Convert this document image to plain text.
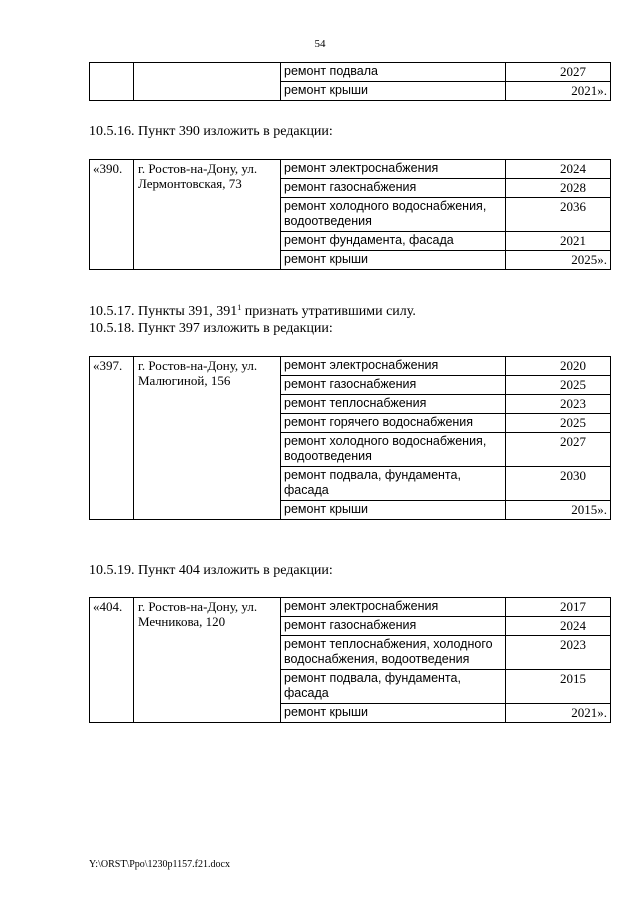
54
		ремонт подвала	2027
		ремонт крыши	2021».
10.5.16. Пункт 390 изложить в редакции:
«390.	г. Ростов-на-Дону, ул. Лермонтовская, 73	ремонт электроснабжения	2024
		ремонт газоснабжения	2028
		ремонт холодного водоснабжения, водоотведения	2036
		ремонт фундамента, фасада	2021
		ремонт крыши	2025».
10.5.17. Пункты 391, $391^1$ признать утратившими силу.
10.5.18. Пункт 397 изложить в редакции:
«397.	г. Ростов-на-Дону, ул. Малюгиной, 156	ремонт электроснабжения	2020
		ремонт газоснабжения	2025
		ремонт теплоснабжения	2023
		ремонт горячего водоснабжения	2025
		ремонт холодного водоснабжения, водоотведения	2027
		ремонт подвала, фундамента, фасада	2030
		ремонт крыши	2015».
10.5.19. Пункт 404 изложить в редакции:
«404.	г. Ростов-на-Дону, ул. Мечникова, 120	ремонт электроснабжения	2017
		ремонт газоснабжения	2024
		ремонт теплоснабжения, холодного водоснабжения, водоотведения	2023
		ремонт подвала, фундамента, фасада	2015
		ремонт крыши	2021».
Y:\ORST\Ppo\1230p1157.f21.docx
